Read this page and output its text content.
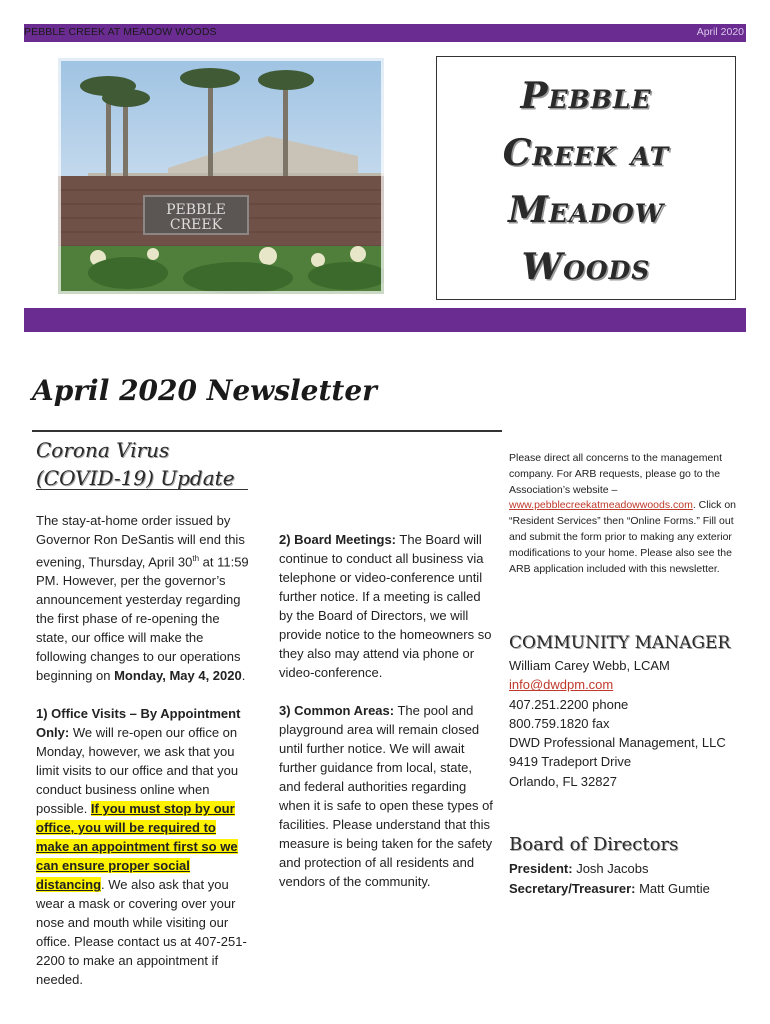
PEBBLE CREEK AT MEADOW WOODS	April 2020
PEBBLE
CREEK
Pebble
Creek at
Meadow
Woods
April 2020 Newsletter
Corona Virus
(COVID-19) Update

The stay-at-home order issued by Governor Ron DeSantis will end this evening, Thursday, April 30th at 11:59 PM. However, per the governor’s announcement yesterday regarding the first phase of re-opening the state, our office will make the following changes to our operations beginning on Monday, May 4, 2020.

1) Office Visits – By Appointment Only: We will re-open our office on Monday, however, we ask that you limit visits to our office and that you conduct business online when possible. If you must stop by our office, you will be required to make an appointment first so we can ensure proper social distancing. We also ask that you wear a mask or covering over your nose and mouth while visiting our office. Please contact us at 407-251-2200 to make an appointment if needed.

2) Board Meetings: The Board will continue to conduct all business via telephone or video-conference until further notice. If a meeting is called by the Board of Directors, we will provide notice to the homeowners so they also may attend via phone or video-conference.

3) Common Areas: The pool and playground area will remain closed until further notice. We will await further guidance from local, state, and federal authorities regarding when it is safe to open these types of facilities. Please understand that this measure is being taken for the safety and protection of all residents and vendors of the community.

Please direct all concerns to the management company. For ARB requests, please go to the Association’s website – www.pebblecreekatmeadowwoods.com. Click on “Resident Services” then “Online Forms.” Fill out and submit the form prior to making any exterior modifications to your home. Please also see the ARB application included with this newsletter.
COMMUNITY MANAGER
William Carey Webb, LCAM
info@dwdpm.com
407.251.2200 phone
800.759.1820 fax
DWD Professional Management, LLC
9419 Tradeport Drive
Orlando, FL 32827
Board of Directors
President: Josh Jacobs
Secretary/Treasurer: Matt Gumtie
